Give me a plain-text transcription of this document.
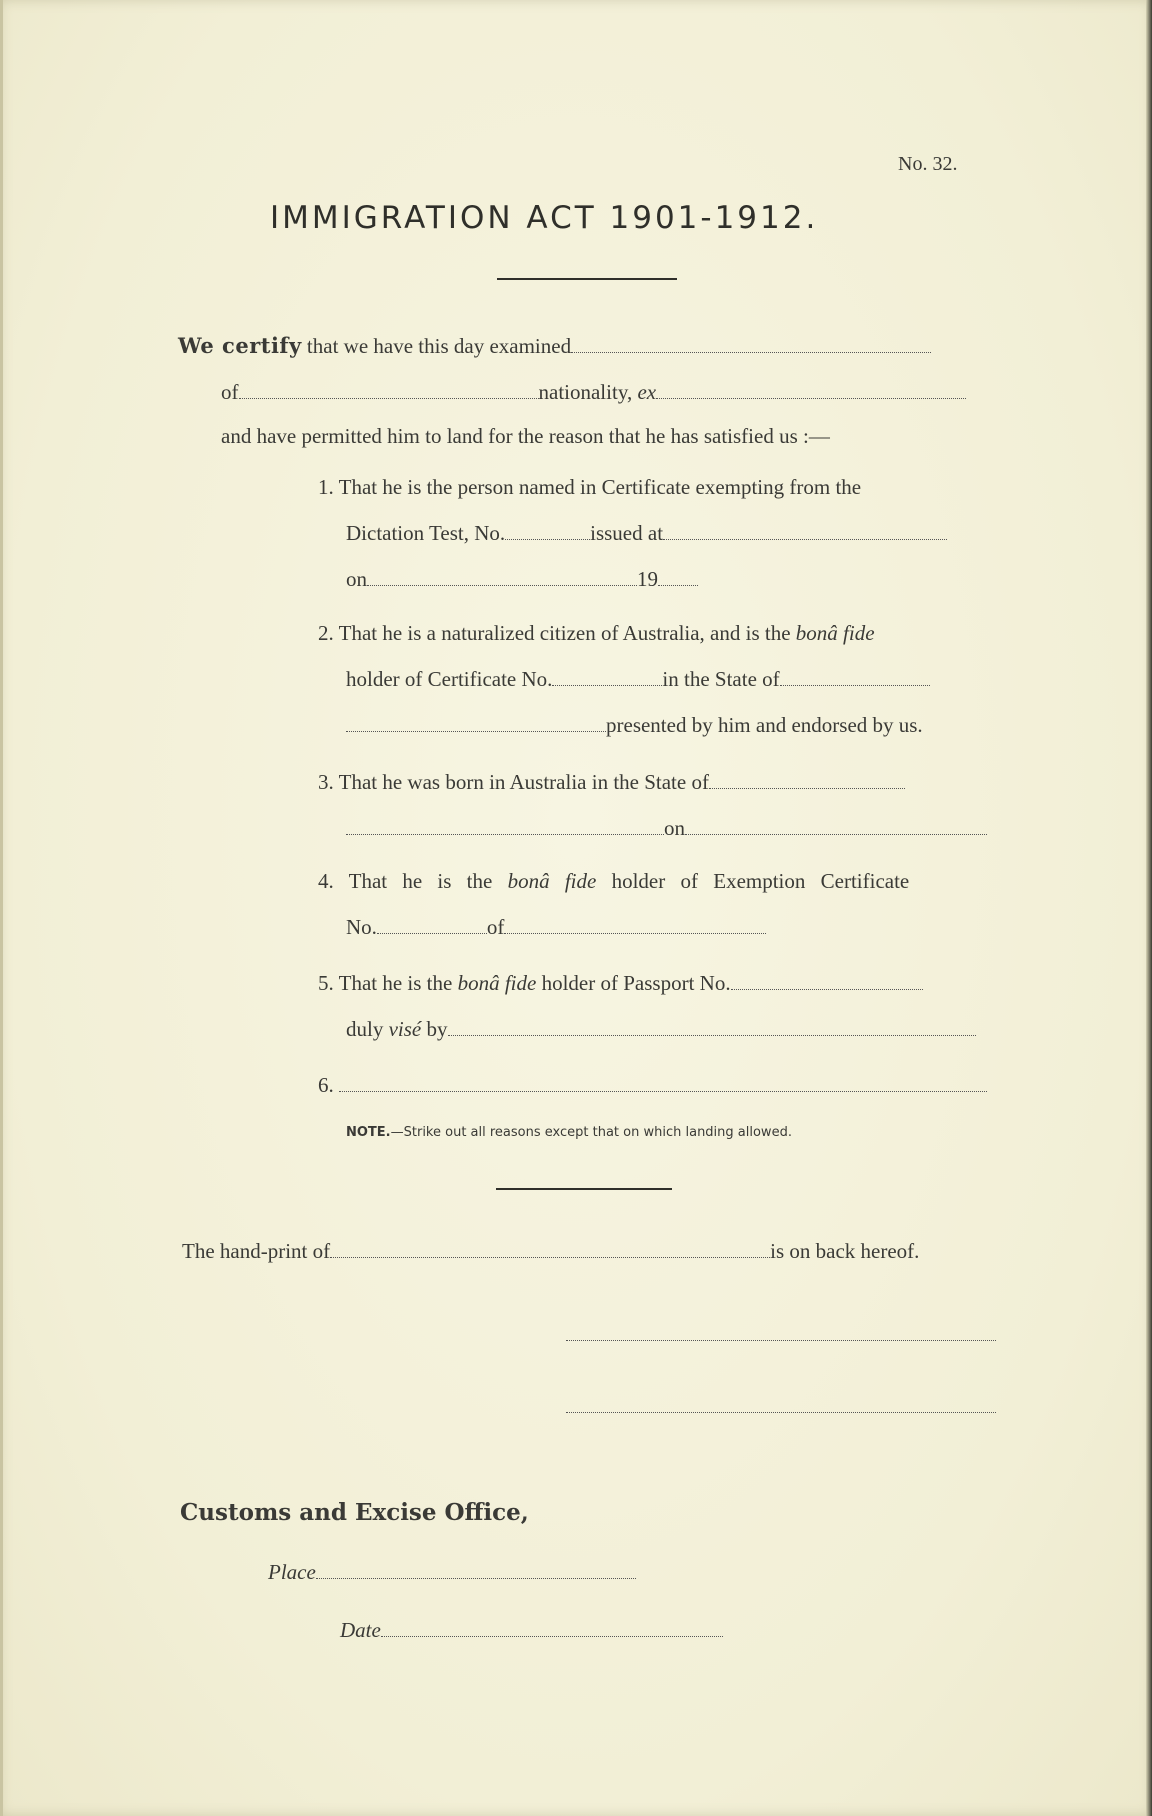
No. 32.
IMMIGRATION ACT 1901-1912.
We certify that we have this day examined
of	nationality, ex
and have permitted him to land for the reason that he has satisfied us :—
1. That he is the person named in Certificate exempting from the
Dictation Test, No.	issued at
on	19
2. That he is a naturalized citizen of Australia, and is the bonâ fide
holder of Certificate No.	in the State of
presented by him and endorsed by us.
3. That he was born in Australia in the State of
on
4. That he is the bonâ fide holder of Exemption Certificate
No.	of
5. That he is the bonâ fide holder of Passport No.
duly visé by
6.
NOTE.—Strike out all reasons except that on which landing allowed.
The hand-print of	is on back hereof.
Customs and Excise Office,
Place
Date
